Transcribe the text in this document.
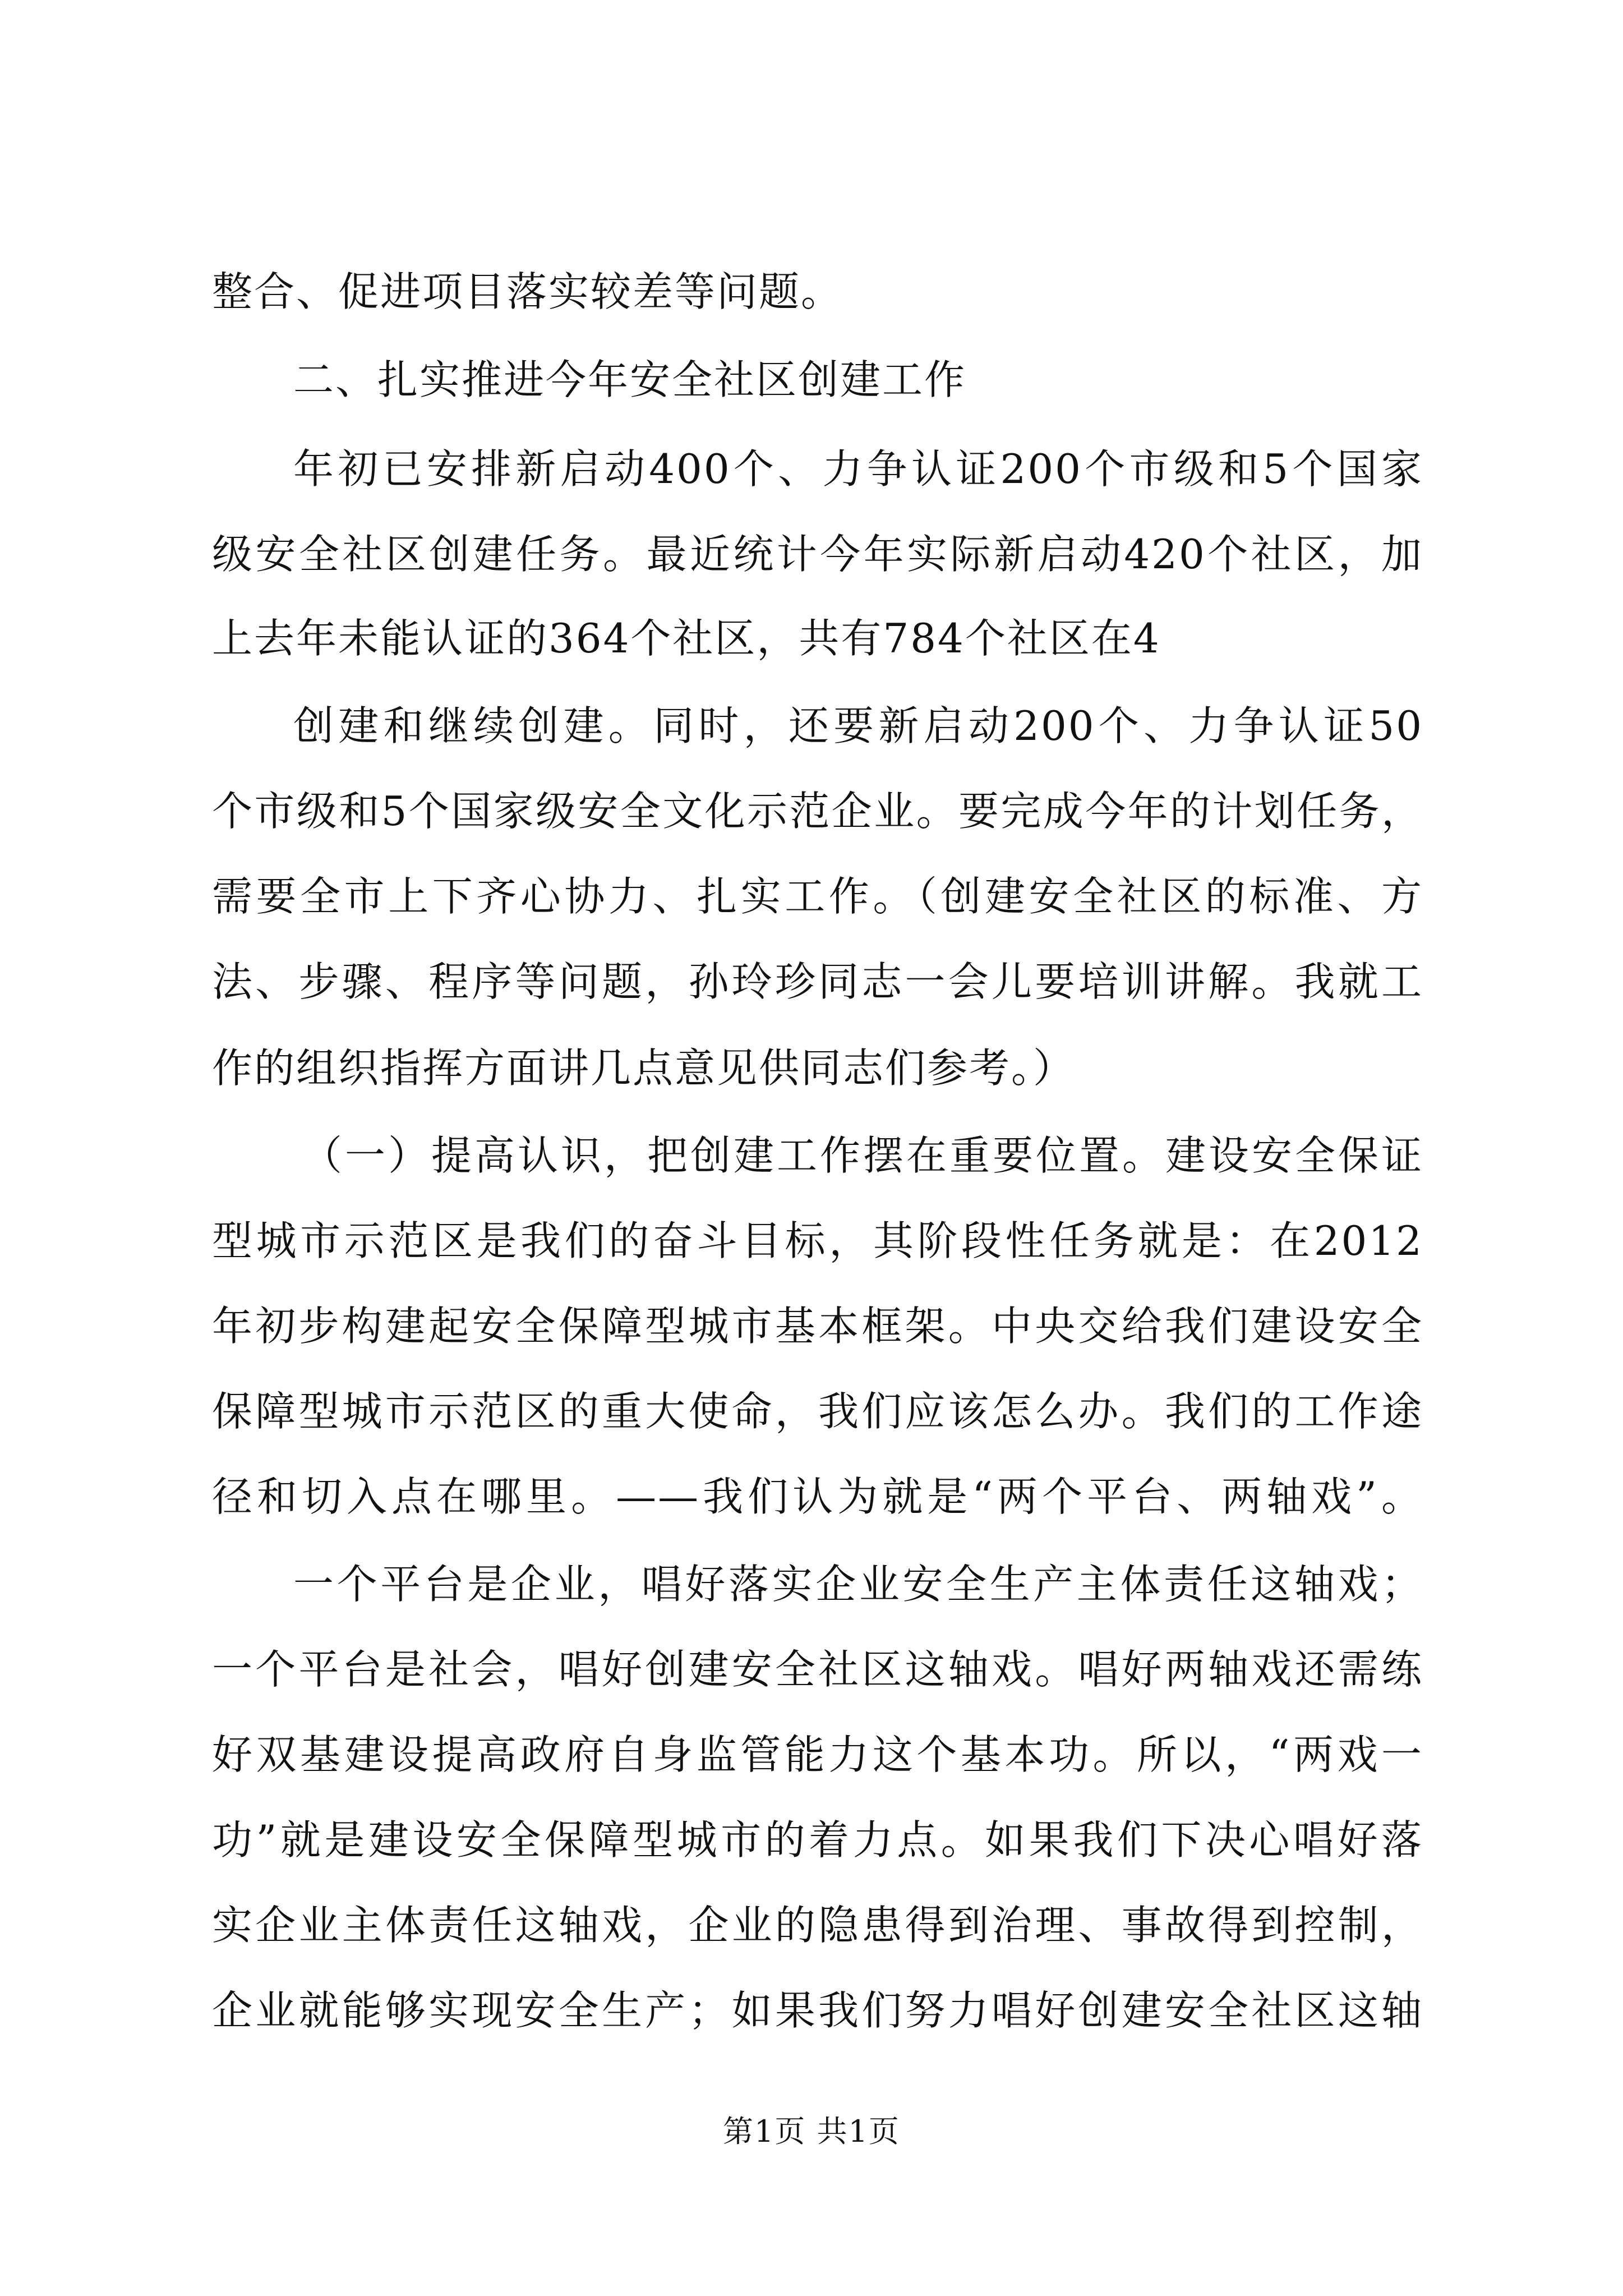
整合、促进项目落实较差等问题。
二、扎实推进今年安全社区创建工作
年初已安排新启动400个、力争认证200个市级和5个国家
级安全社区创建任务。最近统计今年实际新启动420个社区，加
上去年未能认证的364个社区，共有784个社区在4
创建和继续创建。同时，还要新启动200个、力争认证50
个市级和5个国家级安全文化示范企业。要完成今年的计划任务，
需要全市上下齐心协力、扎实工作。（创建安全社区的标准、方
法、步骤、程序等问题，孙玲珍同志一会儿要培训讲解。我就工
作的组织指挥方面讲几点意见供同志们参考。）
（一）提高认识，把创建工作摆在重要位置。建设安全保证
型城市示范区是我们的奋斗目标，其阶段性任务就是：在2012
年初步构建起安全保障型城市基本框架。中央交给我们建设安全
保障型城市示范区的重大使命，我们应该怎么办。我们的工作途
径和切入点在哪里。——我们认为就是“两个平台、两轴戏”。
一个平台是企业，唱好落实企业安全生产主体责任这轴戏；
一个平台是社会，唱好创建安全社区这轴戏。唱好两轴戏还需练
好双基建设提高政府自身监管能力这个基本功。所以，“两戏一
功”就是建设安全保障型城市的着力点。如果我们下决心唱好落
实企业主体责任这轴戏，企业的隐患得到治理、事故得到控制，
企业就能够实现安全生产；如果我们努力唱好创建安全社区这轴
第1页 共1页
